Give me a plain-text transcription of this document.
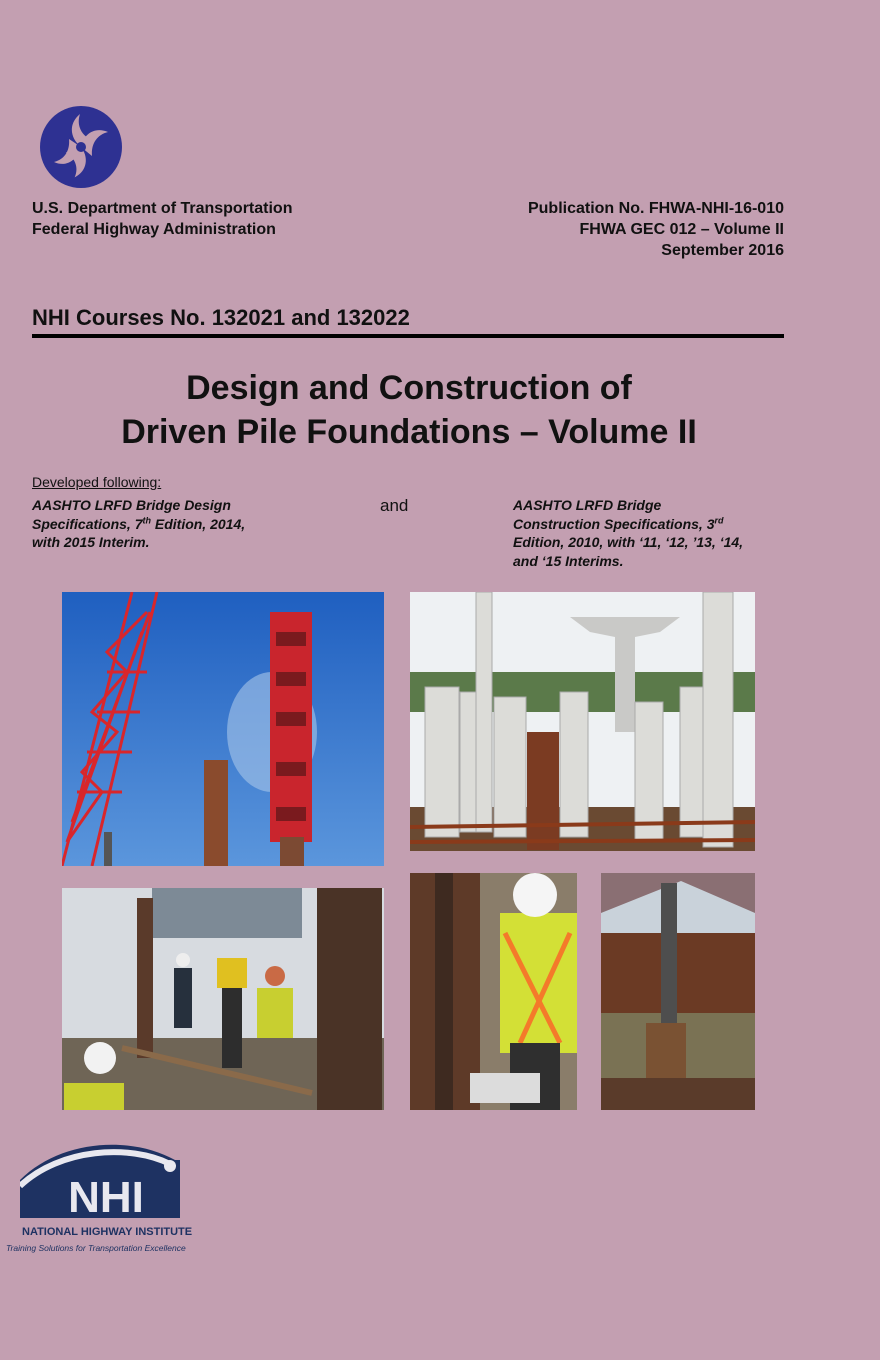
U.S. Department of Transportation
Federal Highway Administration
Publication No. FHWA-NHI-16-010
FHWA GEC 012 – Volume II
September 2016
NHI Courses No. 132021 and 132022
Design and Construction of
Driven Pile Foundations – Volume II
Developed following:
AASHTO LRFD Bridge Design
Specifications, 7th Edition, 2014,
with 2015 Interim.
and	AASHTO LRFD Bridge
Construction Specifications, 3rd
Edition, 2010, with ‘11, ‘12, ’13, ‘14,
and ‘15 Interims.
NHI
NATIONAL HIGHWAY INSTITUTE
Training Solutions for Transportation Excellence
